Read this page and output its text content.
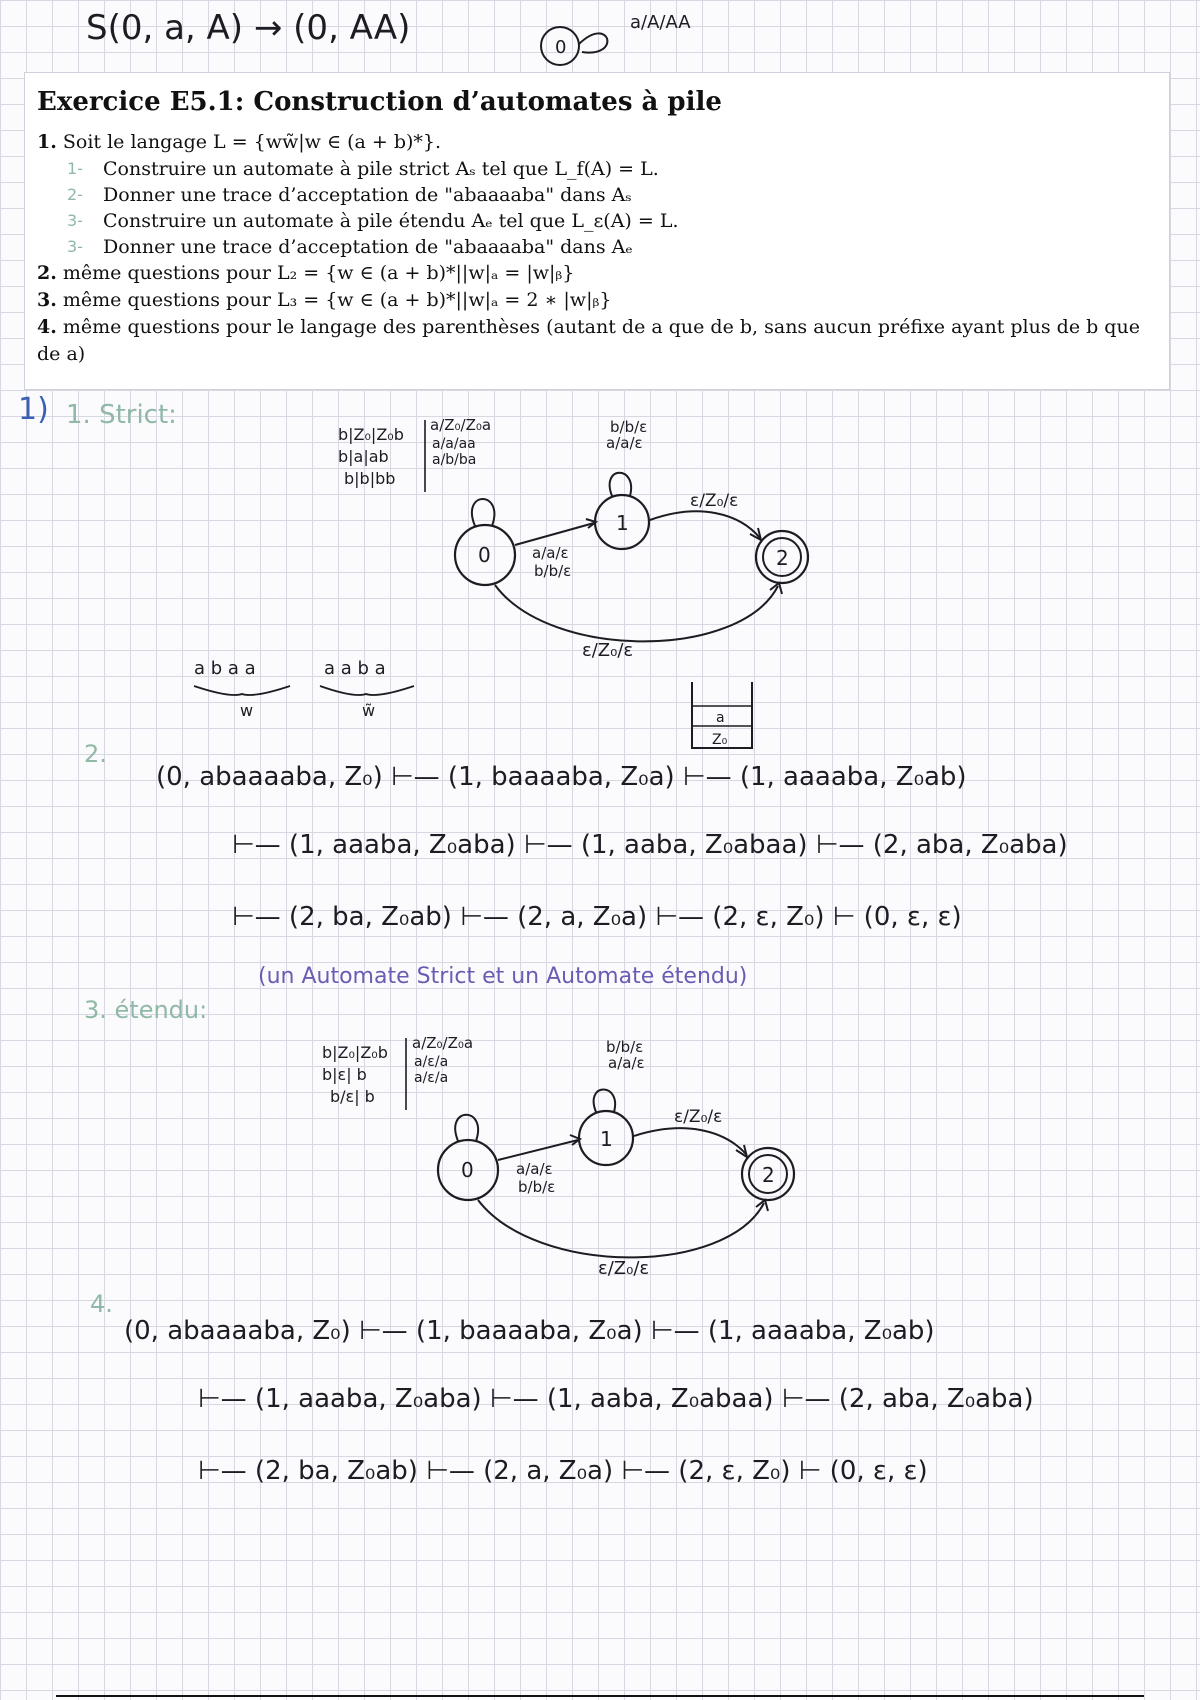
S(0, a, A) → (0, AA)	0
a/A/AA
Exercice E5.1: Construction d’automates à pile
1. Soit le langage L = {ww̃|w ∈ (a + b)*}.
1- Construire un automate à pile strict Aₛ tel que L_f(A) = L.
2- Donner une trace d’acceptation de "abaaaaba" dans Aₛ
3- Construire un automate à pile étendu Aₑ tel que L_ε(A) = L.
3- Donner une trace d’acceptation de "abaaaaba" dans Aₑ
2. même questions pour L₂ = {w ∈ (a + b)*||w|ₐ = |w|ᵦ}
3. même questions pour L₃ = {w ∈ (a + b)*||w|ₐ = 2 ∗ |w|ᵦ}
4. même questions pour le langage des parenthèses (autant de a que de b, sans aucun préfixe ayant plus de b que de a)
1) 1. Strict:
0
1
2
b|Z₀|Z₀b
b|a|ab
b|b|bb
a/Z₀/Z₀a
a/a/aa
a/b/ba
b/b/ε
a/a/ε
a/a/ε
b/b/ε
ε/Z₀/ε
ε/Z₀/ε
a b a a
w
a a b a
w̃	a
Z₀
2.
(0, abaaaaba, Z₀) ⊢— (1, baaaaba, Z₀a) ⊢— (1, aaaaba, Z₀ab)
⊢— (1, aaaba, Z₀aba) ⊢— (1, aaba, Z₀abaa) ⊢— (2, aba, Z₀aba)
⊢— (2, ba, Z₀ab) ⊢— (2, a, Z₀a) ⊢— (2, ε, Z₀) ⊢ (0, ε, ε)
(un Automate Strict et un Automate étendu)
3. étendu:
0
1
2
b|Z₀|Z₀b
b|ε| b
b/ε| b
a/Z₀/Z₀a
a/ε/a
a/ε/a
b/b/ε
a/a/ε
a/a/ε
b/b/ε
ε/Z₀/ε
ε/Z₀/ε
4.
(0, abaaaaba, Z₀) ⊢— (1, baaaaba, Z₀a) ⊢— (1, aaaaba, Z₀ab)
⊢— (1, aaaba, Z₀aba) ⊢— (1, aaba, Z₀abaa) ⊢— (2, aba, Z₀aba)
⊢— (2, ba, Z₀ab) ⊢— (2, a, Z₀a) ⊢— (2, ε, Z₀) ⊢ (0, ε, ε)
